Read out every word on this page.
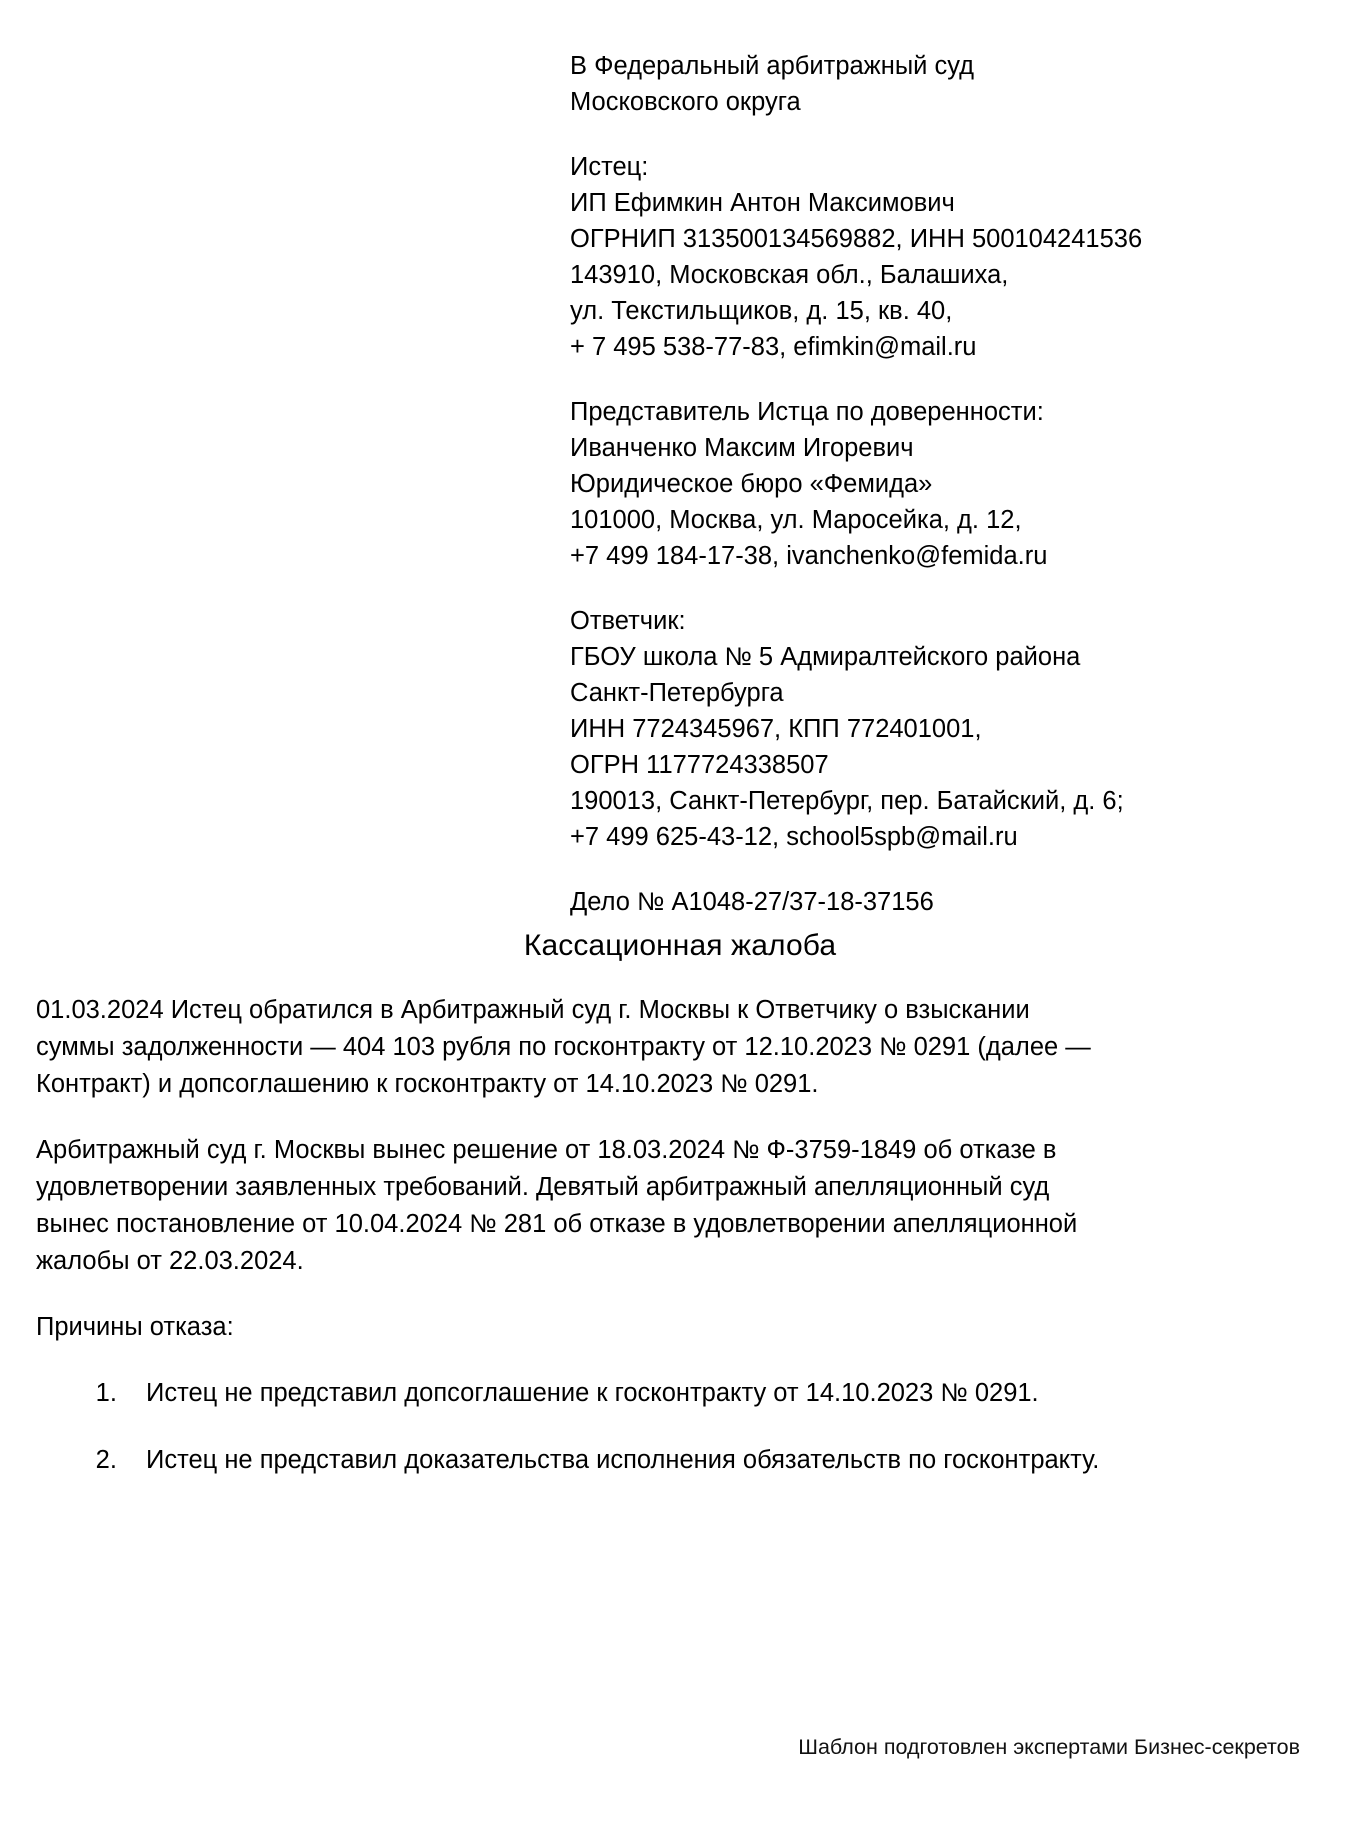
В Федеральный арбитражный суд
Московского округа
Истец:
ИП Ефимкин Антон Максимович
ОГРНИП 313500134569882, ИНН 500104241536
143910, Московская обл., Балашиха,
ул. Текстильщиков, д. 15, кв. 40,
+ 7 495 538-77-83, efimkin@mail.ru
Представитель Истца по доверенности:
Иванченко Максим Игоревич
Юридическое бюро «Фемида»
101000, Москва, ул. Маросейка, д. 12,
+7 499 184-17-38, ivanchenko@femida.ru
Ответчик:
ГБОУ школа № 5 Адмиралтейского района
Санкт-Петербурга
ИНН 7724345967, КПП 772401001,
ОГРН 1177724338507
190013, Санкт-Петербург, пер. Батайский, д. 6;
+7 499 625-43-12, school5spb@mail.ru
Дело № А1048-27/37-18-37156
Кассационная жалоба

01.03.2024 Истец обратился в Арбитражный суд г. Москвы к Ответчику о взыскании суммы задолженности — 404 103 рубля по госконтракту от 12.10.2023 № 0291 (далее — Контракт) и допсоглашению к госконтракту от 14.10.2023 № 0291.

Арбитражный суд г. Москвы вынес решение от 18.03.2024 № Ф-3759-1849 об отказе в удовлетворении заявленных требований. Девятый арбитражный апелляционный суд вынес постановление от 10.04.2024 № 281 об отказе в удовлетворении апелляционной жалобы от 22.03.2024.

Причины отказа:

1. Истец не представил допсоглашение к госконтракту от 14.10.2023 № 0291.
2. Истец не представил доказательства исполнения обязательств по госконтракту.
Шаблон подготовлен экспертами Бизнес-секретов
